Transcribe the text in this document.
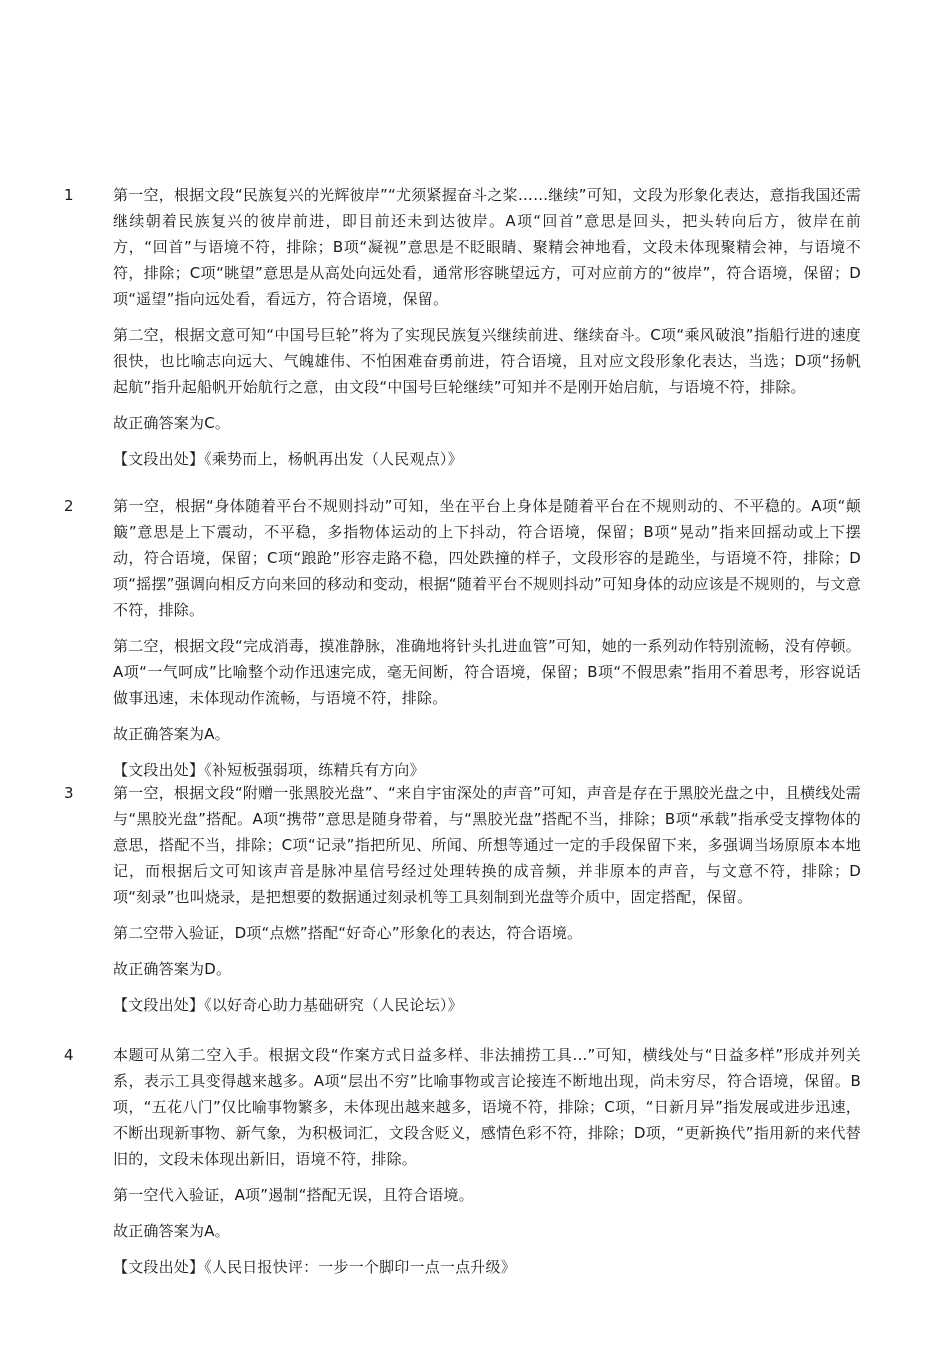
1	第一空，根据文段“民族复兴的光辉彼岸”“尤须紧握奋斗之桨……继续”可知，文段为形象化表达，意指我国还需继续朝着民族复兴的彼岸前进，即目前还未到达彼岸。A项“回首”意思是回头，把头转向后方，彼岸在前方，“回首”与语境不符，排除；B项“凝视”意思是不眨眼睛、聚精会神地看，文段未体现聚精会神，与语境不符，排除；C项“眺望”意思是从高处向远处看，通常形容眺望远方，可对应前方的“彼岸”，符合语境，保留；D项“遥望”指向远处看，看远方，符合语境，保留。

第二空，根据文意可知“中国号巨轮”将为了实现民族复兴继续前进、继续奋斗。C项“乘风破浪”指船行进的速度很快，也比喻志向远大、气魄雄伟、不怕困难奋勇前进，符合语境，且对应文段形象化表达，当选；D项“扬帆起航”指升起船帆开始航行之意，由文段“中国号巨轮继续”可知并不是刚开始启航，与语境不符，排除。

故正确答案为C。

【文段出处】《乘势而上，杨帆再出发（人民观点）》

2	第一空，根据“身体随着平台不规则抖动”可知，坐在平台上身体是随着平台在不规则动的、不平稳的。A项“颠簸”意思是上下震动，不平稳，多指物体运动的上下抖动，符合语境，保留；B项“晃动”指来回摇动或上下摆动，符合语境，保留；C项“踉跄”形容走路不稳，四处跌撞的样子，文段形容的是跪坐，与语境不符，排除；D项“摇摆”强调向相反方向来回的移动和变动，根据“随着平台不规则抖动”可知身体的动应该是不规则的，与文意不符，排除。

第二空，根据文段“完成消毒，摸准静脉，准确地将针头扎进血管”可知，她的一系列动作特别流畅，没有停顿。A项“一气呵成”比喻整个动作迅速完成，毫无间断，符合语境，保留；B项“不假思索”指用不着思考，形容说话做事迅速，未体现动作流畅，与语境不符，排除。

故正确答案为A。

【文段出处】《补短板强弱项，练精兵有方向》

3	第一空，根据文段“附赠一张黑胶光盘”、“来自宇宙深处的声音”可知，声音是存在于黑胶光盘之中，且横线处需与“黑胶光盘”搭配。A项“携带”意思是随身带着，与“黑胶光盘”搭配不当，排除；B项“承载”指承受支撑物体的意思，搭配不当，排除；C项“记录”指把所见、所闻、所想等通过一定的手段保留下来，多强调当场原原本本地记，而根据后文可知该声音是脉冲星信号经过处理转换的成音频，并非原本的声音，与文意不符，排除；D项“刻录”也叫烧录，是把想要的数据通过刻录机等工具刻制到光盘等介质中，固定搭配，保留。

第二空带入验证，D项“点燃”搭配“好奇心”形象化的表达，符合语境。

故正确答案为D。

【文段出处】《以好奇心助力基础研究（人民论坛）》

4	本题可从第二空入手。根据文段“作案方式日益多样、非法捕捞工具…”可知，横线处与“日益多样”形成并列关系，表示工具变得越来越多。A项“层出不穷”比喻事物或言论接连不断地出现，尚未穷尽，符合语境，保留。B项，“五花八门”仅比喻事物繁多，未体现出越来越多，语境不符，排除；C项，“日新月异”指发展或进步迅速，不断出现新事物、新气象，为积极词汇，文段含贬义，感情色彩不符，排除；D项，“更新换代”指用新的来代替旧的，文段未体现出新旧，语境不符，排除。

第一空代入验证，A项”遏制“搭配无误，且符合语境。

故正确答案为A。

【文段出处】《人民日报快评：一步一个脚印一点一点升级》
